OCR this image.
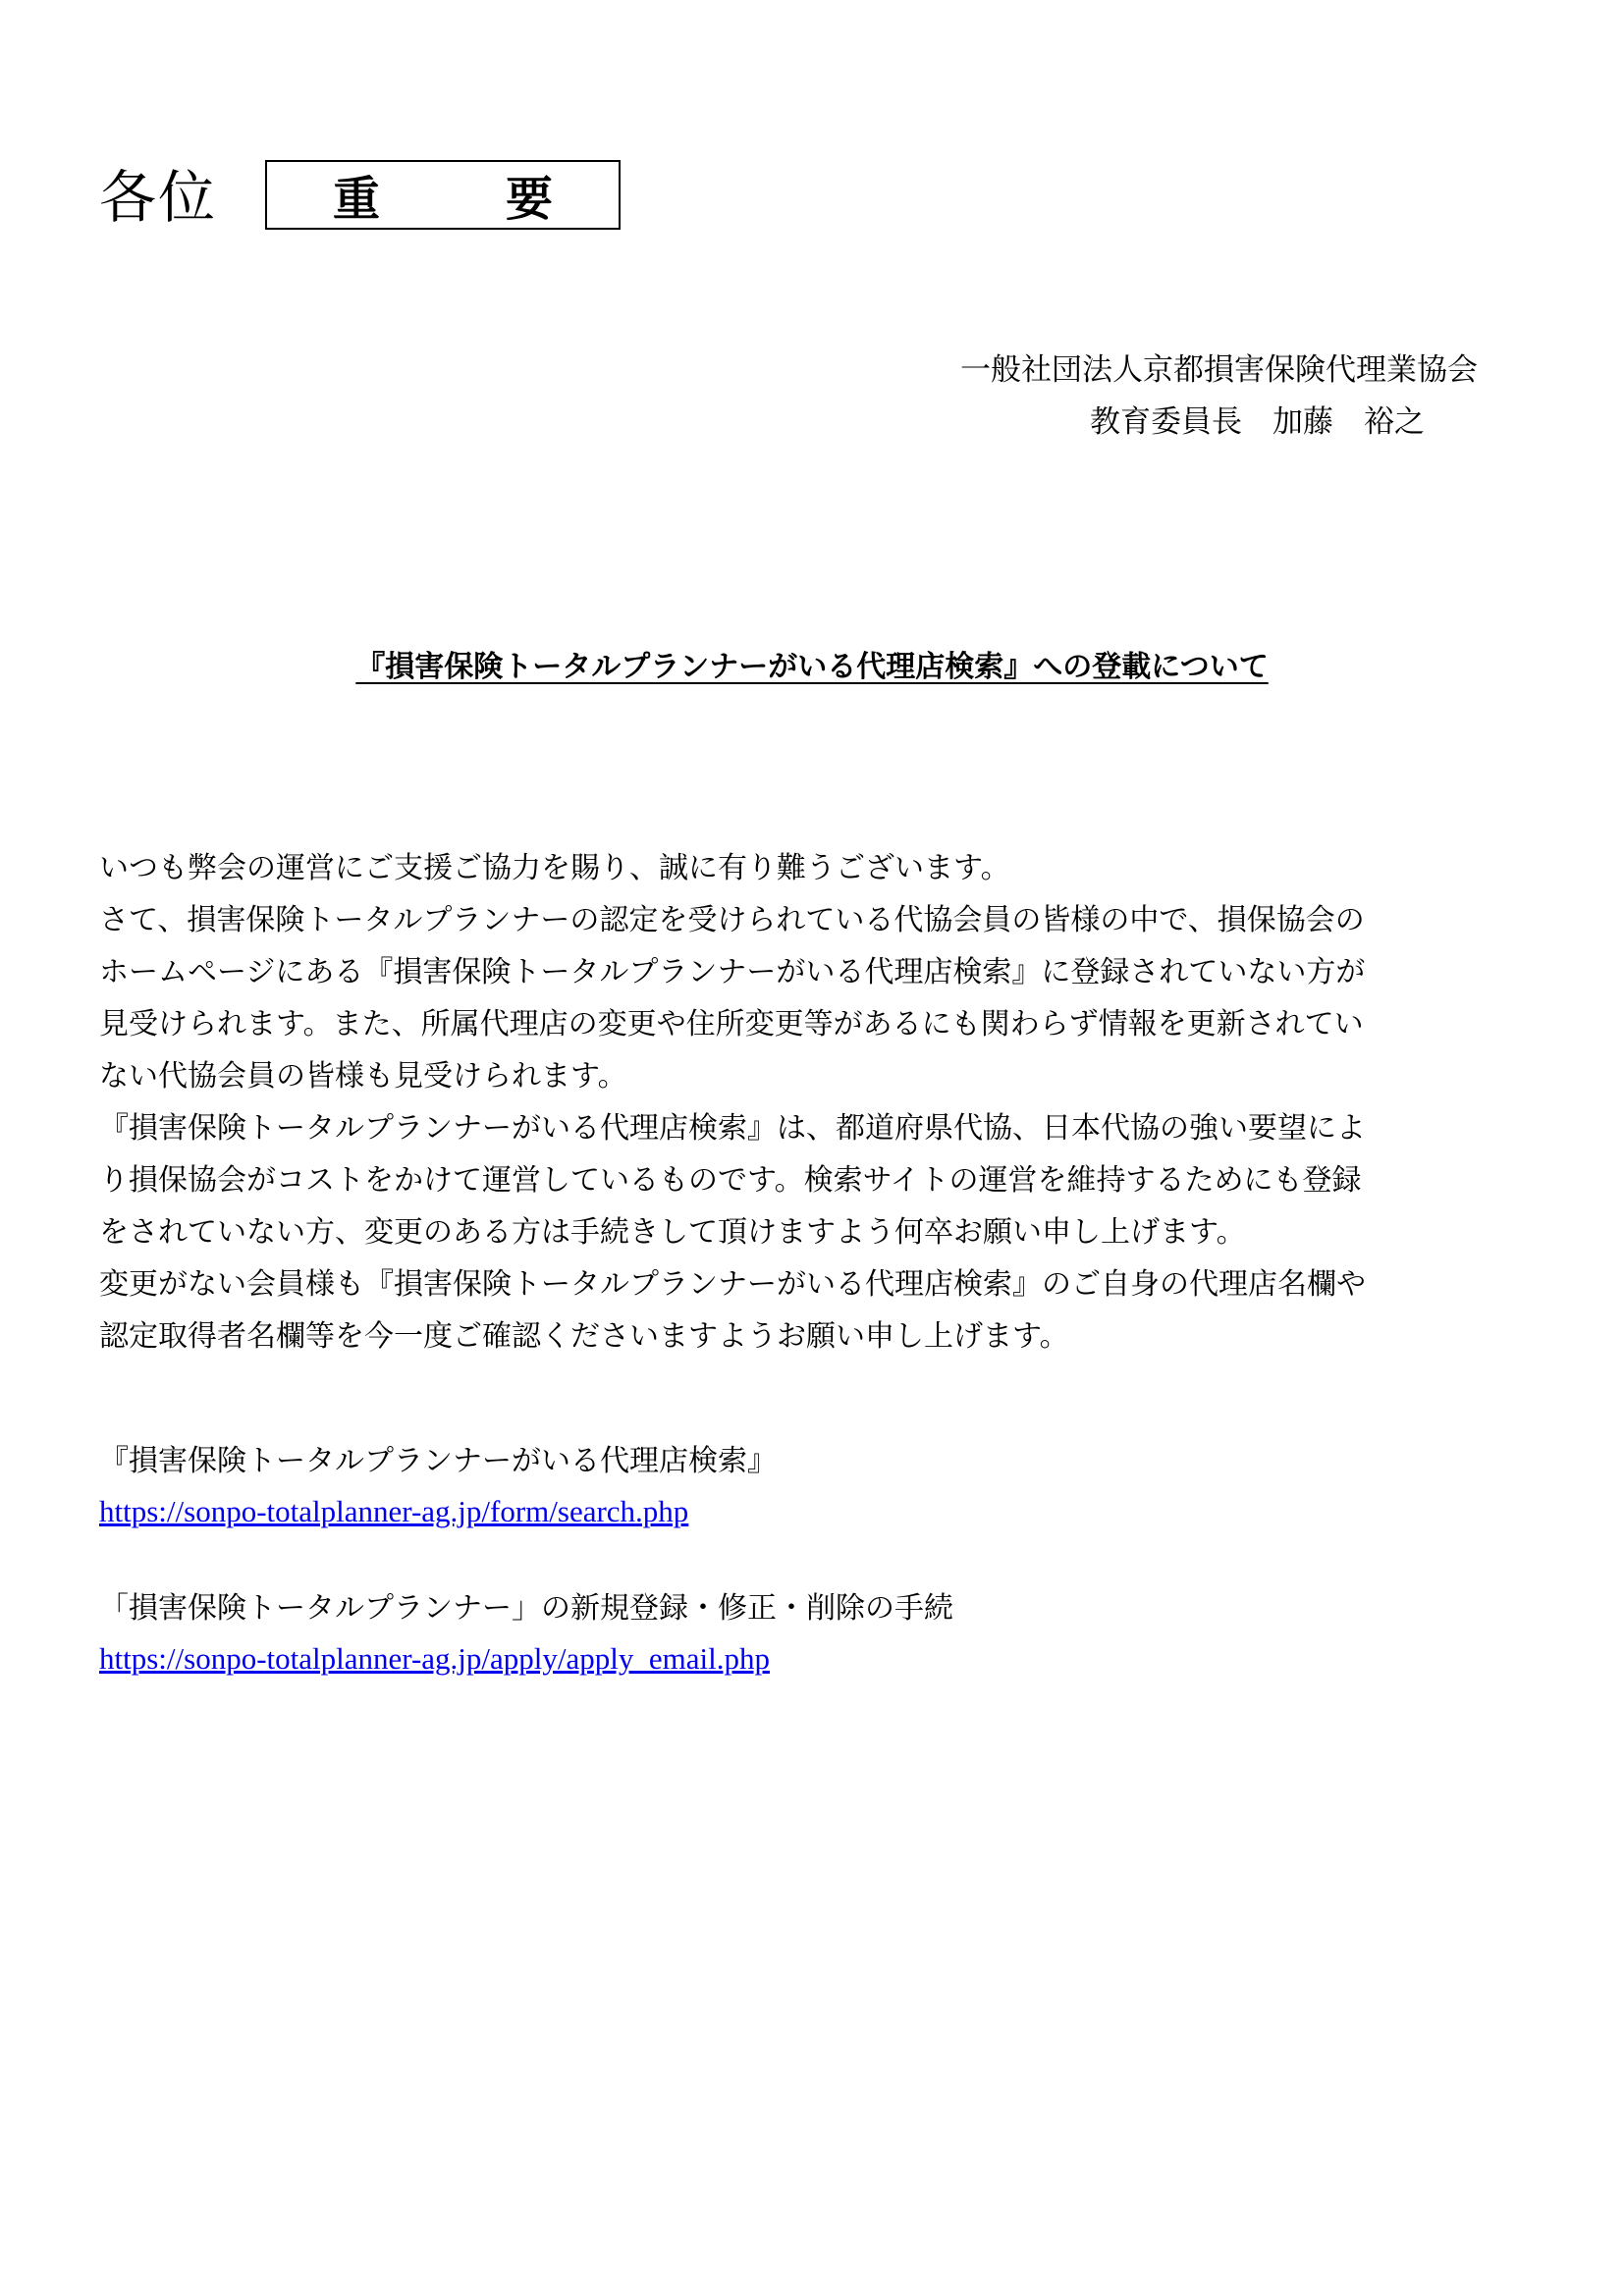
各位 重　要
一般社団法人京都損害保険代理業協会
教育委員長　加藤　裕之
『損害保険トータルプランナーがいる代理店検索』への登載について
いつも弊会の運営にご支援ご協力を賜り、誠に有り難うございます。
さて、損害保険トータルプランナーの認定を受けられている代協会員の皆様の中で、損保協会の
ホームページにある『損害保険トータルプランナーがいる代理店検索』に登録されていない方が
見受けられます。また、所属代理店の変更や住所変更等があるにも関わらず情報を更新されてい
ない代協会員の皆様も見受けられます。
『損害保険トータルプランナーがいる代理店検索』は、都道府県代協、日本代協の強い要望によ
り損保協会がコストをかけて運営しているものです。検索サイトの運営を維持するためにも登録
をされていない方、変更のある方は手続きして頂けますよう何卒お願い申し上げます。
変更がない会員様も『損害保険トータルプランナーがいる代理店検索』のご自身の代理店名欄や
認定取得者名欄等を今一度ご確認くださいますようお願い申し上げます。
『損害保険トータルプランナーがいる代理店検索』
https://sonpo-totalplanner-ag.jp/form/search.php
「損害保険トータルプランナー」の新規登録・修正・削除の手続
https://sonpo-totalplanner-ag.jp/apply/apply_email.php
